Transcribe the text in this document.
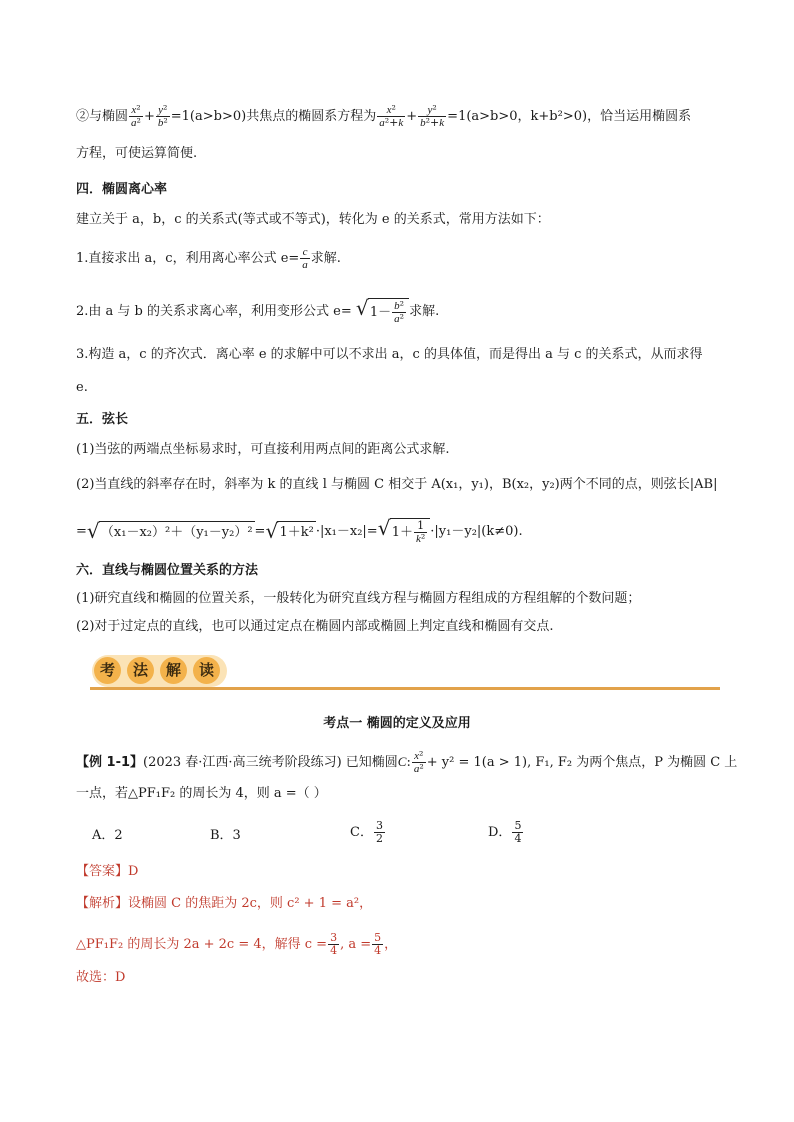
②与椭圆 $\frac{\text{x²}}{\text{a²}} + \frac{\text{y²}}{\text{b²}} =1(a>b>0)$共焦点的椭圆系方程为 $\frac{\text{x²}}{\text{a²+k}} + \frac{\text{y²}}{\text{b²+k}} =1(a>b>0$，k+b²>0)，恰当运用椭圆系
方程，可使运算简便.
四．椭圆离心率
建立关于 a，b，c 的关系式(等式或不等式)，转化为 e 的关系式，常用方法如下：
1.直接求出 a，c，利用离心率公式 $e= \frac{c}{a}$ 求解.
2.由 a 与 b 的关系求离心率，利用变形公式 e= √ $1- \frac{\text{b²}}{\text{a²}}$ 求解.
3.构造 a，c 的齐次式．离心率 e 的求解中可以不求出 a，c 的具体值，而是得出 a 与 c 的关系式，从而求得
e.
五．弦长
(1)当弦的两端点坐标易求时，可直接利用两点间的距离公式求解.
(2)当直线的斜率存在时，斜率为 k 的直线 l 与椭圆 C 相交于 A(x₁，y₁)，B(x₂，y₂)两个不同的点，则弦长|AB|
= √ （x₁－x₂）²＋（y₁－y₂）² = √ 1＋k² ·|x₁－x₂|= √ $1+ \frac{1}{\text{k²}} \cdot|y_1-y_2|(k\ne 0)$.
六．直线与椭圆位置关系的方法
(1)研究直线和椭圆的位置关系，一般转化为研究直线方程与椭圆方程组成的方程组解的个数问题；
(2)对于过定点的直线，也可以通过定点在椭圆内部或椭圆上判定直线和椭圆有交点.
考	法	解	读
考点一 椭圆的定义及应用
【例 1-1】(2023 春·江西·高三统考阶段练习) 已知椭圆C: $\frac{\text{x²}}{\text{a²}} + y^2 = 1(a > 1)$, F₁, F₂ 为两个焦点，P 为椭圆 C 上
一点，若△PF₁F₂ 的周长为 4，则 a =（ ）
A．2	B．3	C． $\frac{3}{2}$	D． $\frac{5}{4}$
【答案】D
【解析】设椭圆 C 的焦距为 2c，则 c² + 1 = a²，
△PF₁F₂ 的周长为 2a + 2c = 4，解得 $c = \frac{3}{4}$ , $a = \frac{5}{4}$ ，
故选：D
